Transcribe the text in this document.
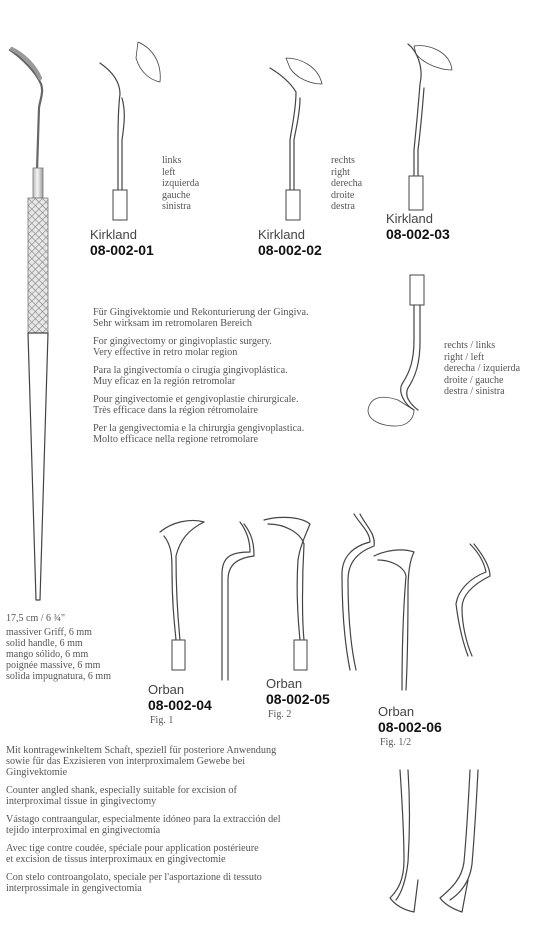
links
left
izquierda
gauche
sinistra
Kirkland
08-002-01
rechts
right
derecha
droite
destra
Kirkland
08-002-02
Kirkland
08-002-03
rechts / links
right / left
derecha / izquierda
droite / gauche
destra / sinistra

Für Gingivektomie und Rekonturierung der Gingiva.
Sehr wirksam im retromolaren Bereich

For gingivectomy or gingivoplastic surgery.
Very effective in retro molar region

Para la gingivectomía o cirugía gingivoplástica.
Muy eficaz en la región retromolar

Pour gingivectomie et gengivoplastie chirurgicale.
Très efficace dans la région rétromolaire

Per la gengivectomia e la chirurgia gengivoplastica.
Molto efficace nella regione retromolare

17,5 cm / 6 ¾"
massiver Griff, 6 mm
solid handle, 6 mm
mango sólido, 6 mm
poignée massive, 6 mm
solida impugnatura, 6 mm
Orban
08-002-04
Fig. 1
Orban
08-002-05
Fig. 2	Orban
08-002-06
Fig. 1/2

Mit kontragewinkeltem Schaft, speziell für posteriore Anwendung
sowie für das Exzisieren von interproximalem Gewebe bei
Gingivektomie

Counter angled shank, especially suitable for excision of
interproximal tissue in gingivectomy

Vástago contraangular, especialmente idóneo para la extracción del
tejido interproximal en gingivectomía

Avec tige contre coudée, spéciale pour application postérieure
et excision de tissus interproximaux en gingivectomie

Con stelo controangolato, speciale per l'asportazione di tessuto
interprossimale in gengivectomia
